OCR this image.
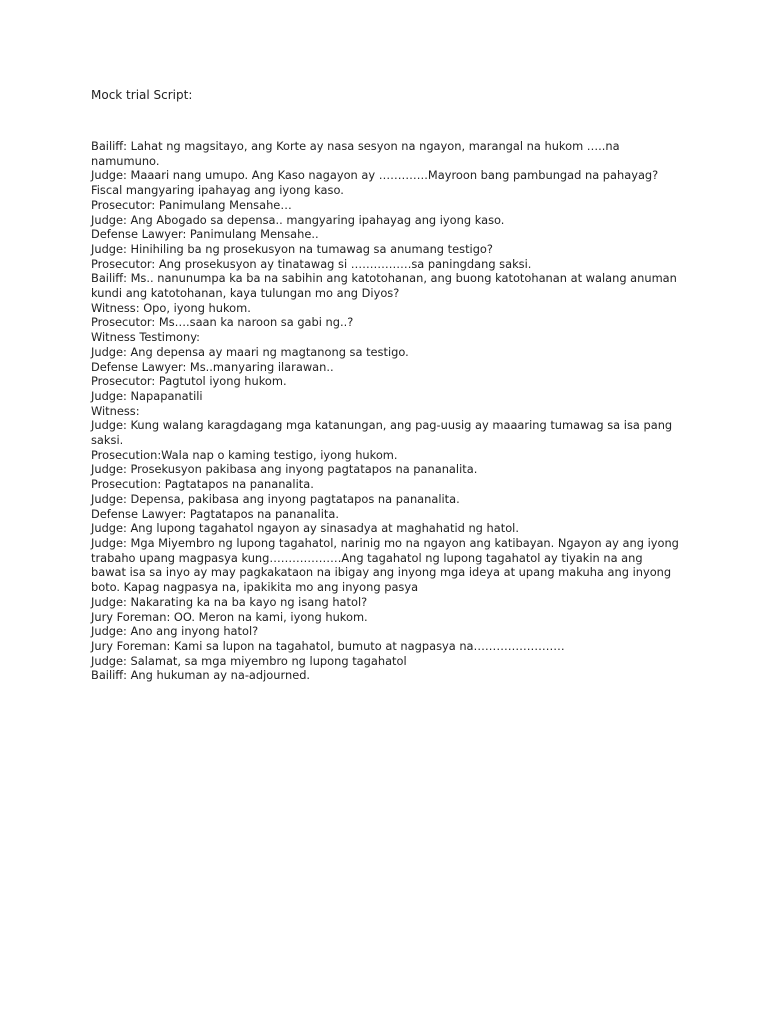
Mock trial Script:

Bailiff: Lahat ng magsitayo, ang Korte ay nasa sesyon na ngayon, marangal na hukom …..na namumuno.

Judge: Maaari nang umupo. Ang Kaso nagayon ay ………….Mayroon bang pambungad na pahayag? Fiscal mangyaring ipahayag ang iyong kaso.

Prosecutor: Panimulang Mensahe…

Judge: Ang Abogado sa depensa.. mangyaring ipahayag ang iyong kaso.

Defense Lawyer: Panimulang Mensahe..

Judge: Hinihiling ba ng prosekusyon na tumawag sa anumang testigo?

Prosecutor: Ang prosekusyon ay tinatawag si …………….sa paningdang saksi.

Bailiff: Ms.. nanunumpa ka ba na sabihin ang katotohanan, ang buong katotohanan at walang anuman kundi ang katotohanan, kaya tulungan mo ang Diyos?

Witness: Opo, iyong hukom.

Prosecutor: Ms….saan ka naroon sa gabi ng..?

Witness Testimony:

Judge: Ang depensa ay maari ng magtanong sa testigo.

Defense Lawyer: Ms..manyaring ilarawan..

Prosecutor: Pagtutol iyong hukom.

Judge: Napapanatili

Witness:

Judge: Kung walang karagdagang mga katanungan, ang pag-uusig ay maaaring tumawag sa isa pang saksi.

Prosecution:Wala nap o kaming testigo, iyong hukom.

Judge: Prosekusyon pakibasa ang inyong pagtatapos na pananalita.

Prosecution: Pagtatapos na pananalita.

Judge: Depensa, pakibasa ang inyong pagtatapos na pananalita.

Defense Lawyer: Pagtatapos na pananalita.

Judge: Ang lupong tagahatol ngayon ay sinasadya at maghahatid ng hatol.

Judge: Mga Miyembro ng lupong tagahatol, narinig mo na ngayon ang katibayan. Ngayon ay ang iyong trabaho upang magpasya kung……………….Ang tagahatol ng lupong tagahatol ay tiyakin na ang bawat isa sa inyo ay may pagkakataon na ibigay ang inyong mga ideya at upang makuha ang inyong boto. Kapag nagpasya na, ipakikita mo ang inyong pasya

Judge: Nakarating ka na ba kayo ng isang hatol?

Jury Foreman: OO. Meron na kami, iyong hukom.

Judge: Ano ang inyong hatol?

Jury Foreman: Kami sa lupon na tagahatol, bumuto at nagpasya na……………………

Judge: Salamat, sa mga miyembro ng lupong tagahatol

Bailiff: Ang hukuman ay na-adjourned.
